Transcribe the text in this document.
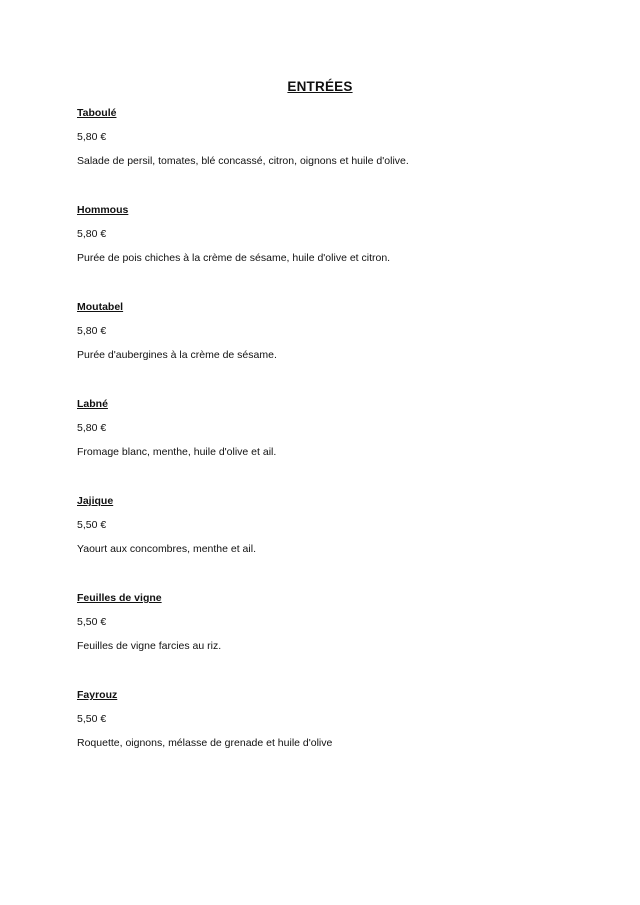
ENTRÉES
Taboulé
5,80 €
Salade de persil, tomates, blé concassé, citron, oignons et huile d'olive.
Hommous
5,80 €
Purée de pois chiches à la crème de sésame, huile d'olive et citron.
Moutabel
5,80 €
Purée d'aubergines à la crème de sésame.
Labné
5,80 €
Fromage blanc, menthe, huile d'olive et ail.
Jajique
5,50 €
Yaourt aux concombres, menthe et ail.
Feuilles de vigne
5,50 €
Feuilles de vigne farcies au riz.
Fayrouz
5,50 €
Roquette, oignons, mélasse de grenade et huile d'olive
